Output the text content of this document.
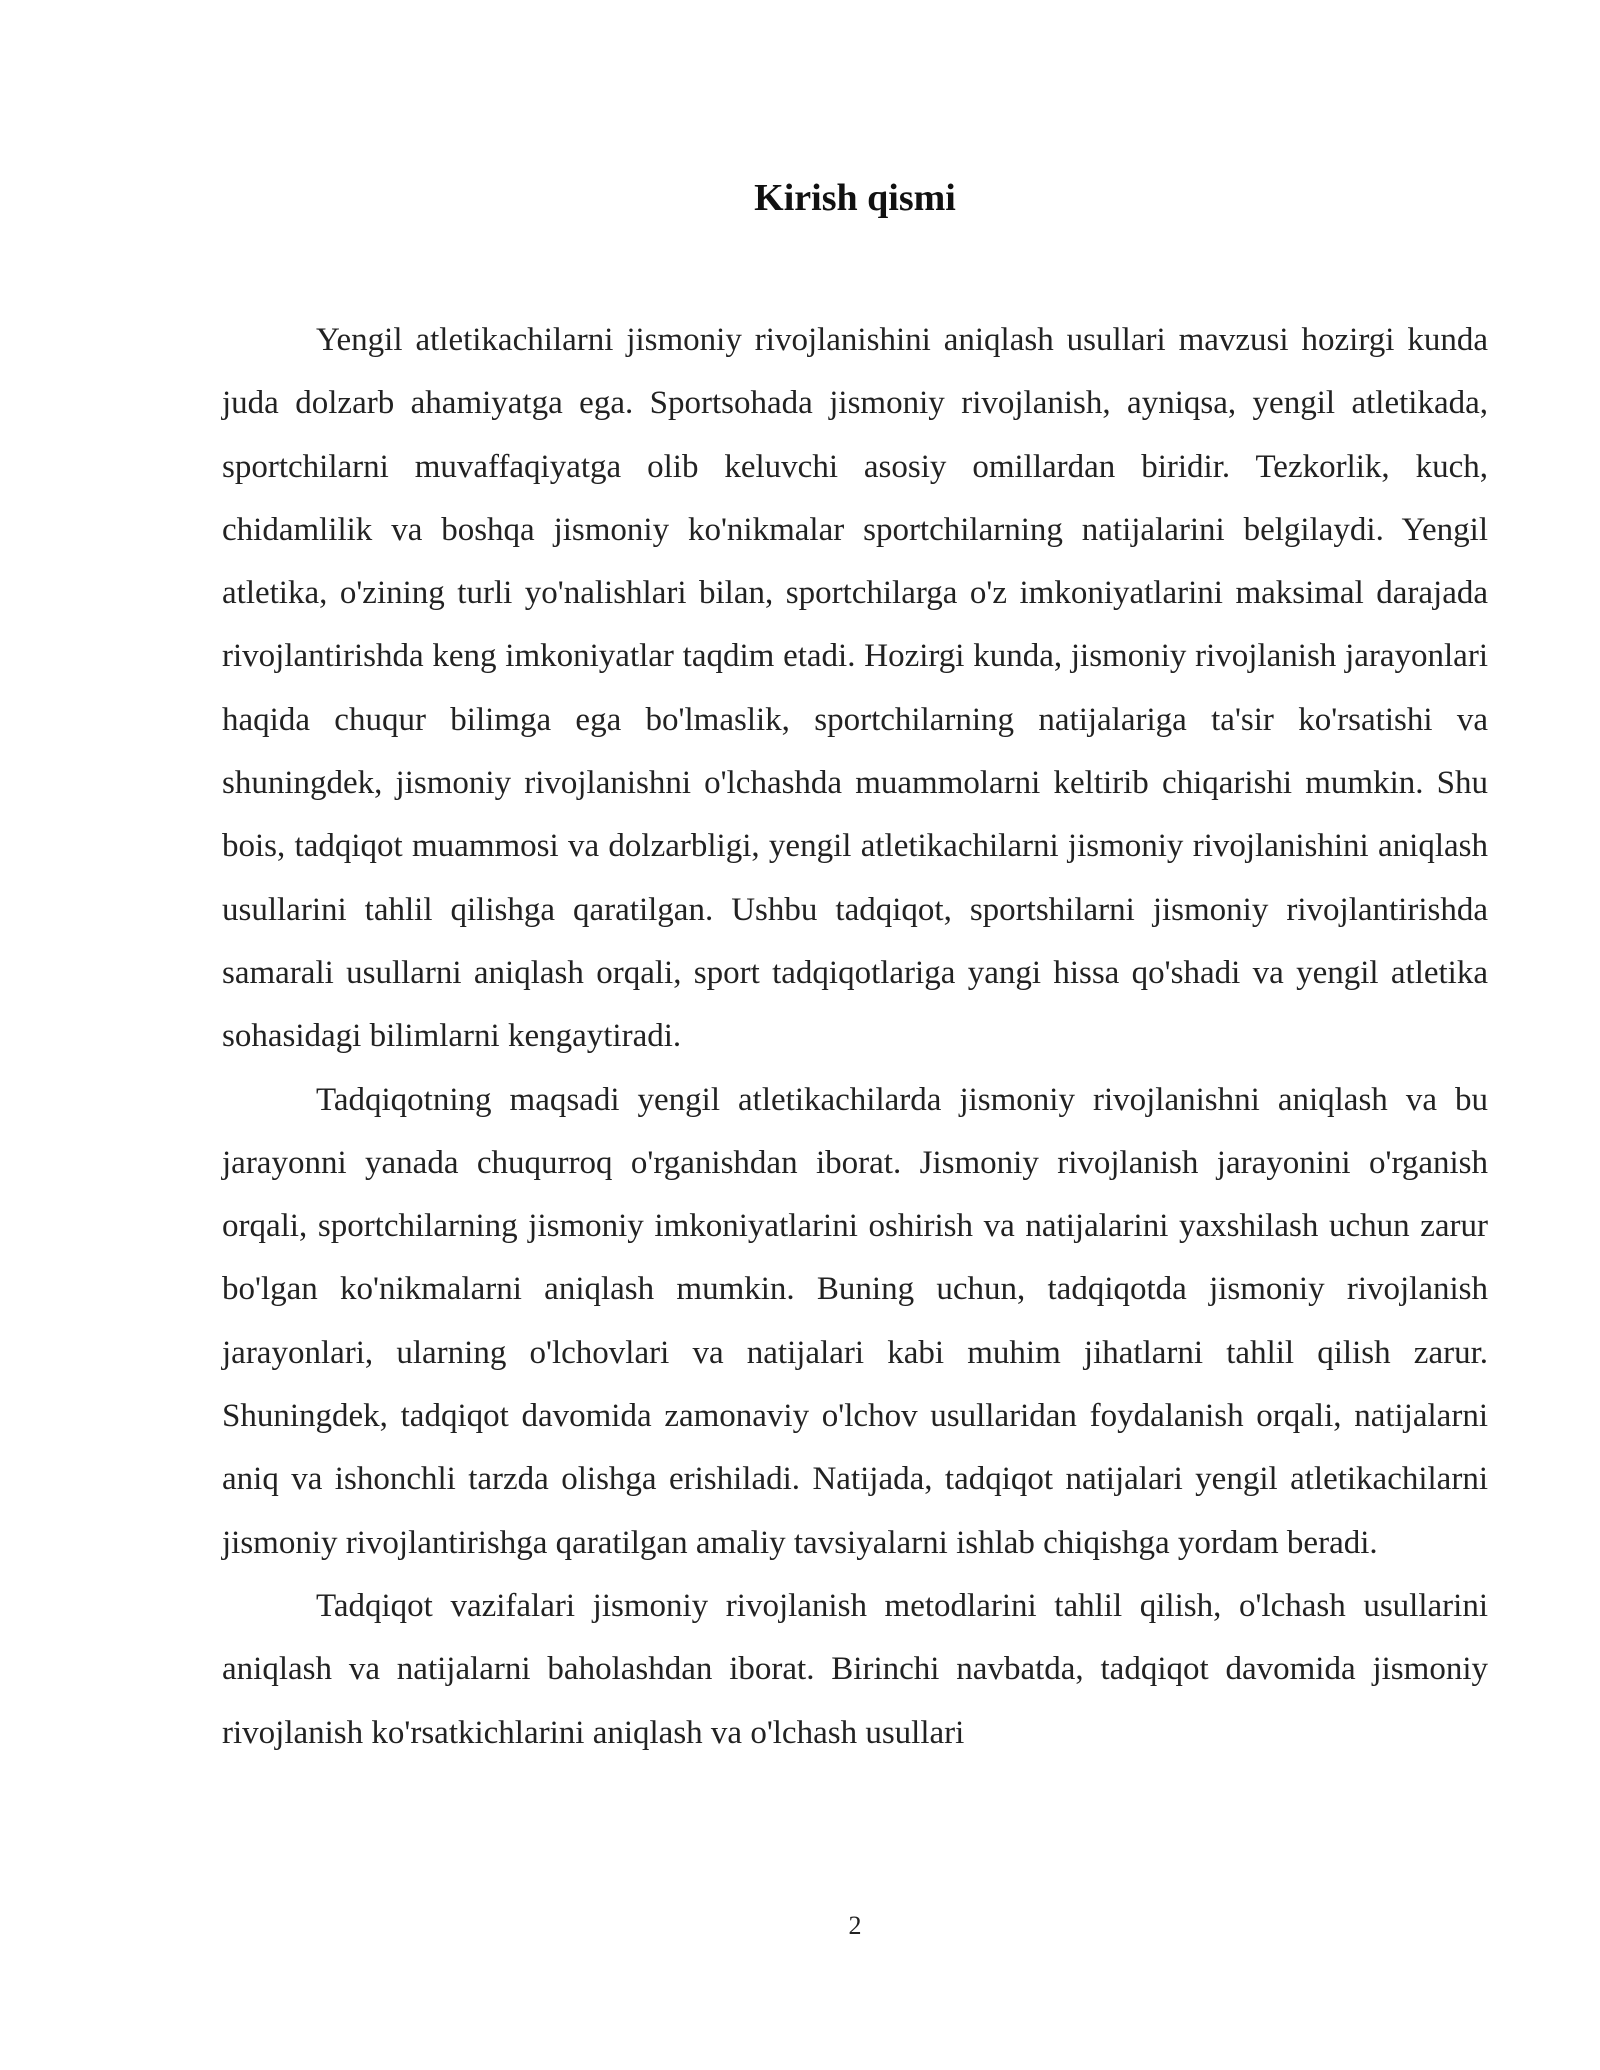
Kirish qismi

Yengil atletikachilarni jismoniy rivojlanishini aniqlash usullari mavzusi hozirgi kunda juda dolzarb ahamiyatga ega. Sportsohada jismoniy rivojlanish, ayniqsa, yengil atletikada, sportchilarni muvaffaqiyatga olib keluvchi asosiy omillardan biridir. Tezkorlik, kuch, chidamlilik va boshqa jismoniy ko'nikmalar sportchilarning natijalarini belgilaydi. Yengil atletika, o'zining turli yo'nalishlari bilan, sportchilarga o'z imkoniyatlarini maksimal darajada rivojlantirishda keng imkoniyatlar taqdim etadi. Hozirgi kunda, jismoniy rivojlanish jarayonlari haqida chuqur bilimga ega bo'lmaslik, sportchilarning natijalariga ta'sir ko'rsatishi va shuningdek, jismoniy rivojlanishni o'lchashda muammolarni keltirib chiqarishi mumkin. Shu bois, tadqiqot muammosi va dolzarbligi, yengil atletikachilarni jismoniy rivojlanishini aniqlash usullarini tahlil qilishga qaratilgan. Ushbu tadqiqot, sportshilarni jismoniy rivojlantirishda samarali usullarni aniqlash orqali, sport tadqiqotlariga yangi hissa qo'shadi va yengil atletika sohasidagi bilimlarni kengaytiradi.

Tadqiqotning maqsadi yengil atletikachilarda jismoniy rivojlanishni aniqlash va bu jarayonni yanada chuqurroq o'rganishdan iborat. Jismoniy rivojlanish jarayonini o'rganish orqali, sportchilarning jismoniy imkoniyatlarini oshirish va natijalarini yaxshilash uchun zarur bo'lgan ko'nikmalarni aniqlash mumkin. Buning uchun, tadqiqotda jismoniy rivojlanish jarayonlari, ularning o'lchovlari va natijalari kabi muhim jihatlarni tahlil qilish zarur. Shuningdek, tadqiqot davomida zamonaviy o'lchov usullaridan foydalanish orqali, natijalarni aniq va ishonchli tarzda olishga erishiladi. Natijada, tadqiqot natijalari yengil atletikachilarni jismoniy rivojlantirishga qaratilgan amaliy tavsiyalarni ishlab chiqishga yordam beradi.

Tadqiqot vazifalari jismoniy rivojlanish metodlarini tahlil qilish, o'lchash usullarini aniqlash va natijalarni baholashdan iborat. Birinchi navbatda, tadqiqot davomida jismoniy rivojlanish ko'rsatkichlarini aniqlash va o'lchash usullari

2
